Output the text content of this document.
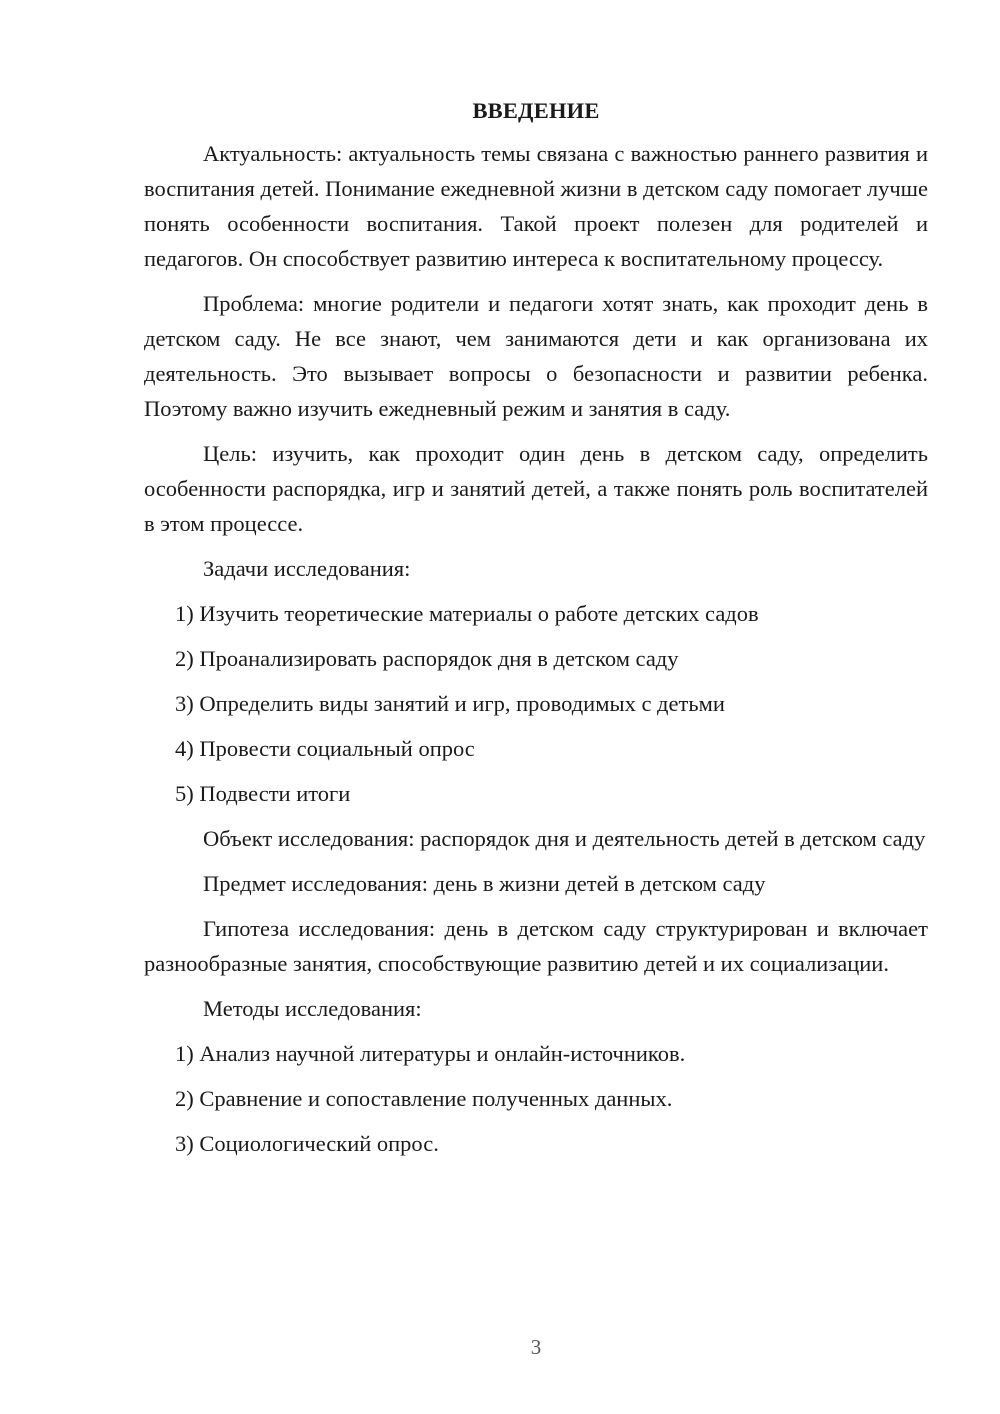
ВВЕДЕНИЕ

Актуальность: актуальность темы связана с важностью раннего развития и воспитания детей. Понимание ежедневной жизни в детском саду помогает лучше понять особенности воспитания. Такой проект полезен для родителей и педагогов. Он способствует развитию интереса к воспитательному процессу.

Проблема: многие родители и педагоги хотят знать, как проходит день в детском саду. Не все знают, чем занимаются дети и как организована их деятельность. Это вызывает вопросы о безопасности и развитии ребенка. Поэтому важно изучить ежедневный режим и занятия в саду.

Цель: изучить, как проходит один день в детском саду, определить особенности распорядка, игр и занятий детей, а также понять роль воспитателей в этом процессе.

Задачи исследования:

1) Изучить теоретические материалы о работе детских садов
2) Проанализировать распорядок дня в детском саду
3) Определить виды занятий и игр, проводимых с детьми
4) Провести социальный опрос
5) Подвести итоги

Объект исследования: распорядок дня и деятельность детей в детском саду

Предмет исследования: день в жизни детей в детском саду

Гипотеза исследования: день в детском саду структурирован и включает разнообразные занятия, способствующие развитию детей и их социализации.

Методы исследования:

1) Анализ научной литературы и онлайн-источников.
2) Сравнение и сопоставление полученных данных.
3) Социологический опрос.
3
